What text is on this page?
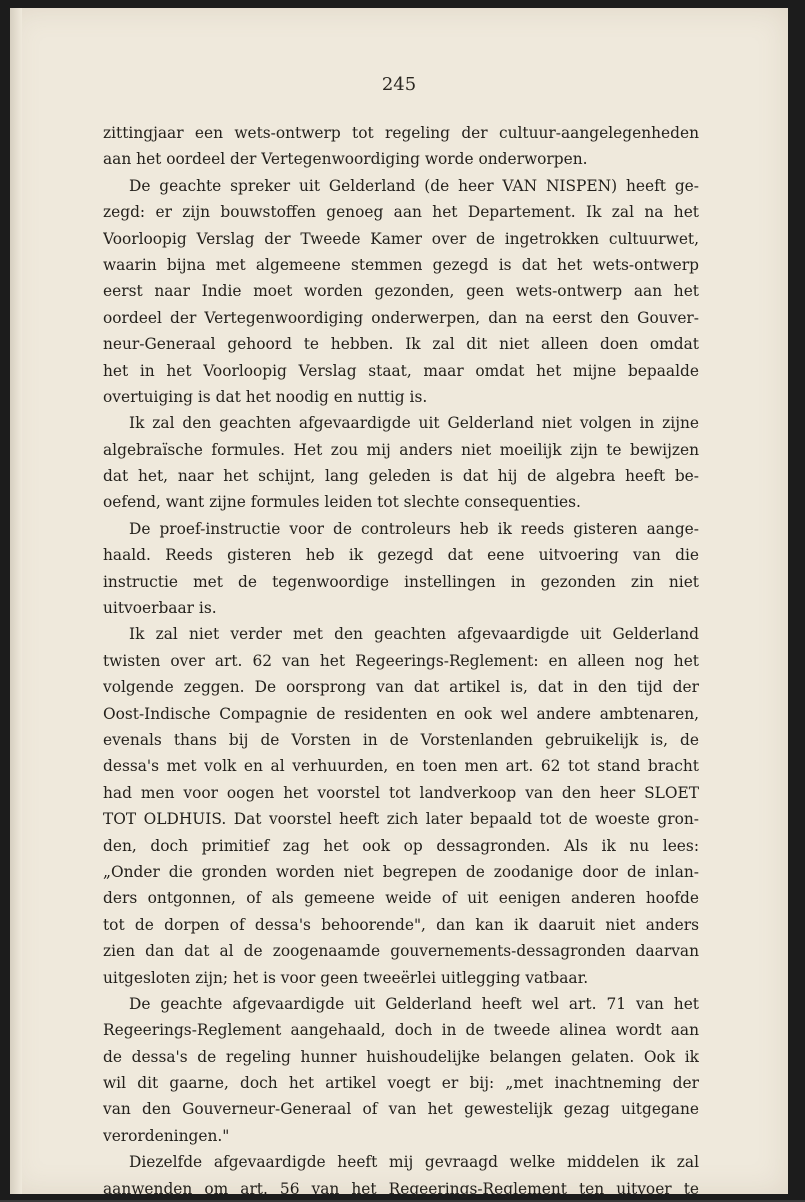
245
zittingjaar een wets-ontwerp tot regeling der cultuur-aangelegenheden
aan het oordeel der Vertegenwoordiging worde onderworpen.
De geachte spreker uit Gelderland (de heer VAN NISPEN) heeft ge-
zegd: er zijn bouwstoffen genoeg aan het Departement. Ik zal na het
Voorloopig Verslag der Tweede Kamer over de ingetrokken cultuurwet,
waarin bijna met algemeene stemmen gezegd is dat het wets-ontwerp
eerst naar Indie moet worden gezonden, geen wets-ontwerp aan het
oordeel der Vertegenwoordiging onderwerpen, dan na eerst den Gouver-
neur-Generaal gehoord te hebben. Ik zal dit niet alleen doen omdat
het in het Voorloopig Verslag staat, maar omdat het mijne bepaalde
overtuiging is dat het noodig en nuttig is.
Ik zal den geachten afgevaardigde uit Gelderland niet volgen in zijne
algebraïsche formules. Het zou mij anders niet moeilijk zijn te bewijzen
dat het, naar het schijnt, lang geleden is dat hij de algebra heeft be-
oefend, want zijne formules leiden tot slechte consequenties.
De proef-instructie voor de controleurs heb ik reeds gisteren aange-
haald. Reeds gisteren heb ik gezegd dat eene uitvoering van die
instructie met de tegenwoordige instellingen in gezonden zin niet
uitvoerbaar is.
Ik zal niet verder met den geachten afgevaardigde uit Gelderland
twisten over art. 62 van het Regeerings-Reglement: en alleen nog het
volgende zeggen. De oorsprong van dat artikel is, dat in den tijd der
Oost-Indische Compagnie de residenten en ook wel andere ambtenaren,
evenals thans bij de Vorsten in de Vorstenlanden gebruikelijk is, de
dessa's met volk en al verhuurden, en toen men art. 62 tot stand bracht
had men voor oogen het voorstel tot landverkoop van den heer SLOET
TOT OLDHUIS. Dat voorstel heeft zich later bepaald tot de woeste gron-
den, doch primitief zag het ook op dessagronden. Als ik nu lees:
„Onder die gronden worden niet begrepen de zoodanige door de inlan-
ders ontgonnen, of als gemeene weide of uit eenigen anderen hoofde
tot de dorpen of dessa's behoorende", dan kan ik daaruit niet anders
zien dan dat al de zoogenaamde gouvernements-dessagronden daarvan
uitgesloten zijn; het is voor geen tweeërlei uitlegging vatbaar.
De geachte afgevaardigde uit Gelderland heeft wel art. 71 van het
Regeerings-Reglement aangehaald, doch in de tweede alinea wordt aan
de dessa's de regeling hunner huishoudelijke belangen gelaten. Ook ik
wil dit gaarne, doch het artikel voegt er bij: „met inachtneming der
van den Gouverneur-Generaal of van het gewestelijk gezag uitgegane
verordeningen."
Diezelfde afgevaardigde heeft mij gevraagd welke middelen ik zal
aanwenden om art. 56 van het Regeerings-Reglement ten uitvoer te
